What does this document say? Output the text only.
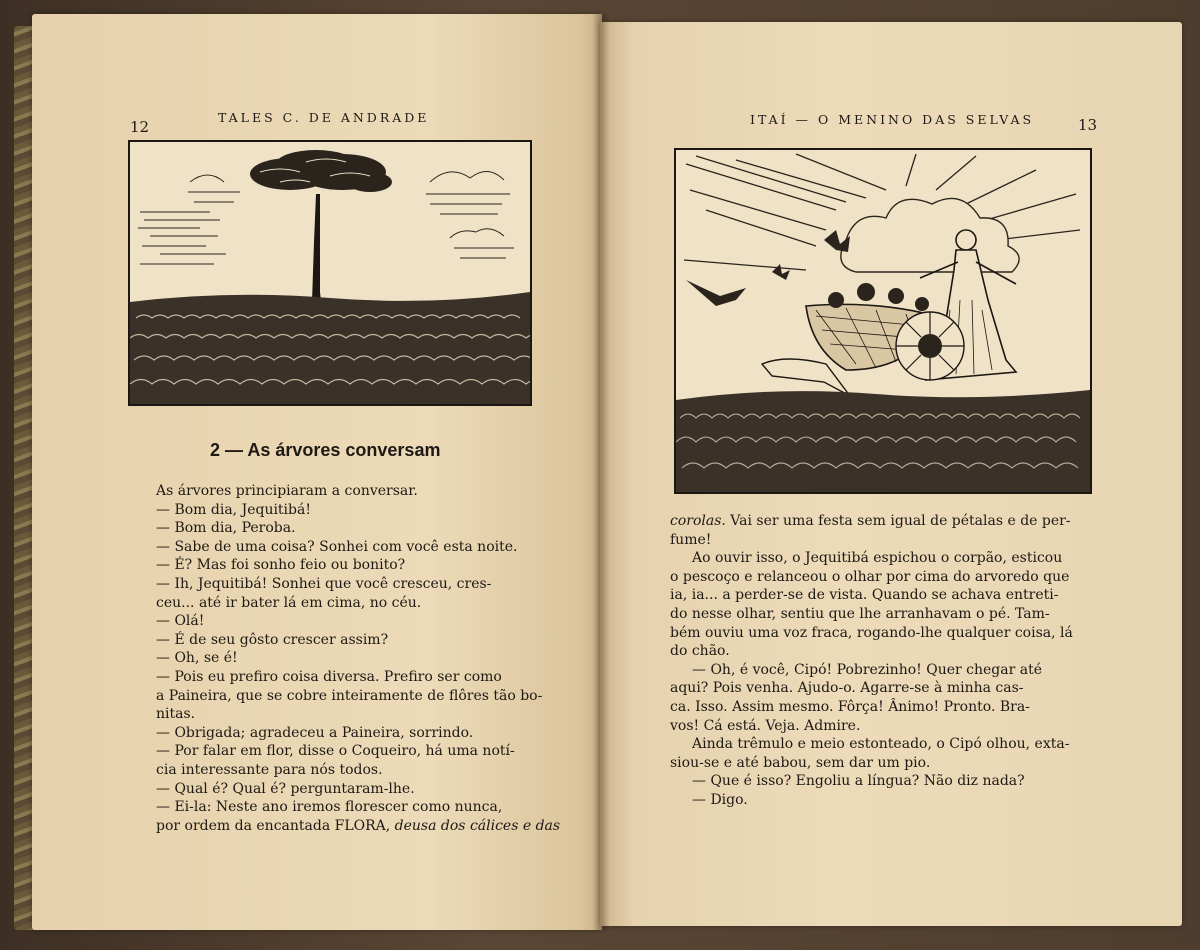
12
TALES C. DE ANDRADE
2 — As árvores conversam

As árvores principiaram a conversar.

— Bom dia, Jequitibá!

— Bom dia, Peroba.

— Sabe de uma coisa? Sonhei com você esta noite.

— É? Mas foi sonho feio ou bonito?

— Ih, Jequitibá! Sonhei que você cresceu, cres-

ceu... até ir bater lá em cima, no céu.

— Olá!

— É de seu gôsto crescer assim?

— Oh, se é!

— Pois eu prefiro coisa diversa. Prefiro ser como

a Paineira, que se cobre inteiramente de flôres tão bo-

nitas.

— Obrigada; agradeceu a Paineira, sorrindo.

— Por falar em flor, disse o Coqueiro, há uma notí-

cia interessante para nós todos.

— Qual é? Qual é? perguntaram-lhe.

— Ei-la: Neste ano iremos florescer como nunca,

por ordem da encantada FLORA, deusa dos cálices e das

ITAÍ — O MENINO DAS SELVAS	13

corolas. Vai ser uma festa sem igual de pétalas e de per-

fume!

Ao ouvir isso, o Jequitibá espichou o corpão, esticou

o pescoço e relanceou o olhar por cima do arvoredo que

ia, ia... a perder-se de vista. Quando se achava entreti-

do nesse olhar, sentiu que lhe arranhavam o pé. Tam-

bém ouviu uma voz fraca, rogando-lhe qualquer coisa, lá

do chão.

— Oh, é você, Cipó! Pobrezinho! Quer chegar até

aqui? Pois venha. Ajudo-o. Agarre-se à minha cas-

ca. Isso. Assim mesmo. Fôrça! Ânimo! Pronto. Bra-

vos! Cá está. Veja. Admire.

Ainda trêmulo e meio estonteado, o Cipó olhou, exta-

siou-se e até babou, sem dar um pio.

— Que é isso? Engoliu a língua? Não diz nada?

— Digo.
